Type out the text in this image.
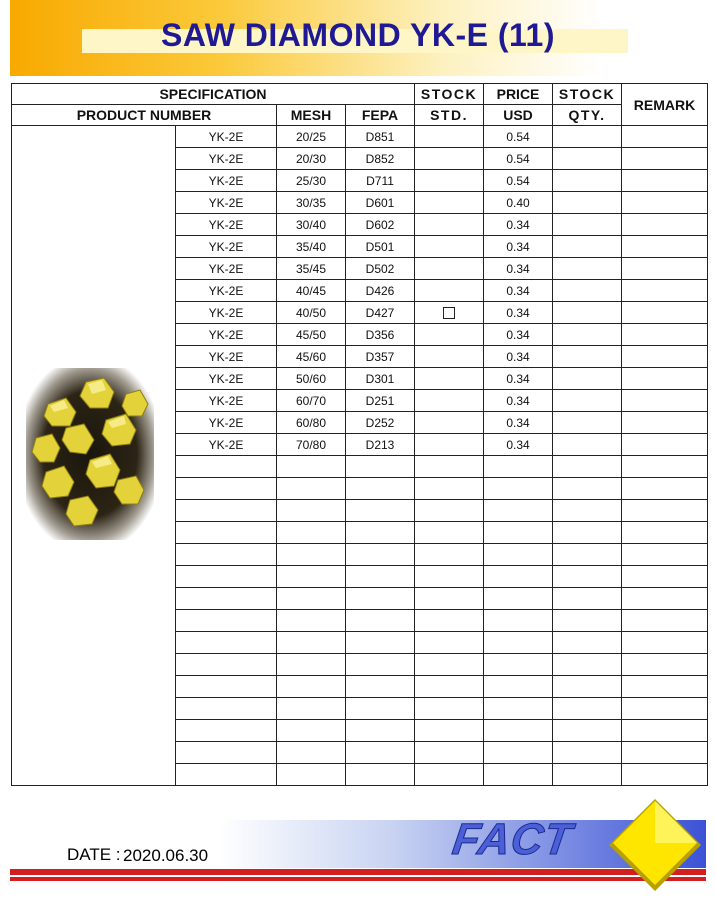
SAW DIAMOND YK-E (11)
SPECIFICATION				STOCK	PRICE	STOCK	REMARK
PRODUCT NUMBER		MESH	FEPA	STD.	USD	QTY.	
	YK-2E	20/25	D851		0.54		
	YK-2E	20/30	D852		0.54		
	YK-2E	25/30	D711		0.54		
	YK-2E	30/35	D601		0.40		
	YK-2E	30/40	D602		0.34		
	YK-2E	35/40	D501		0.34		
	YK-2E	35/45	D502		0.34		
	YK-2E	40/45	D426		0.34		
	YK-2E	40/50	D427		0.34		
	YK-2E	45/50	D356		0.34		
	YK-2E	45/60	D357		0.34		
	YK-2E	50/60	D301		0.34		
	YK-2E	60/70	D251		0.34		
	YK-2E	60/80	D252		0.34		
	YK-2E	70/80	D213		0.34		

DATE : 2020.06.30	FACT
